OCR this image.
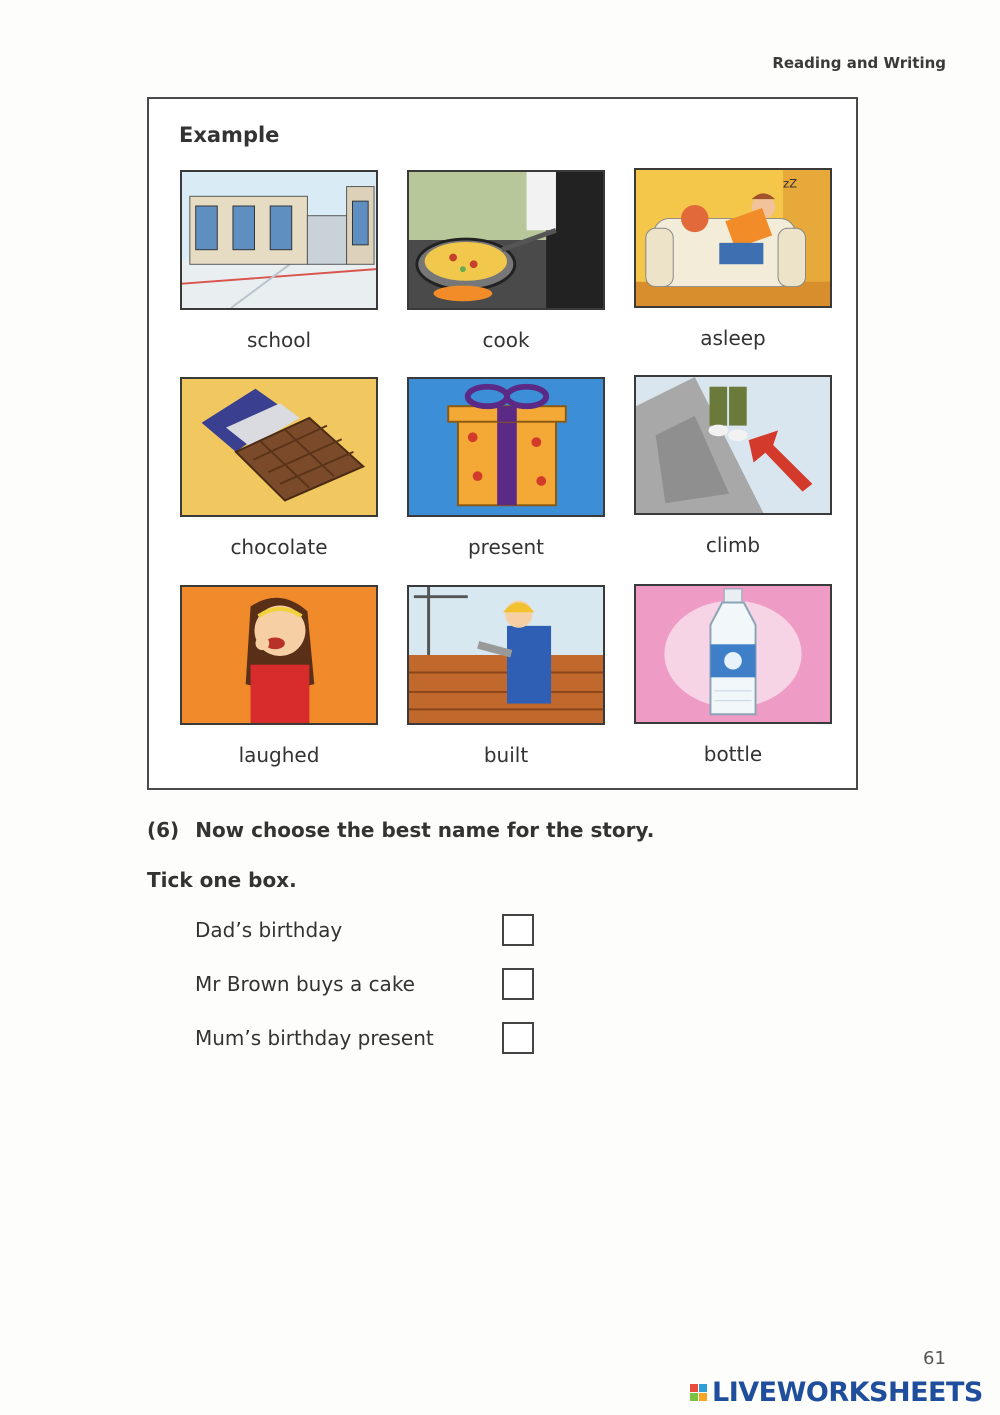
Reading and Writing
Example
school	cook
zZ
asleep
chocolate	present	climb
laughed	built	bottle
(6) Now choose the best name for the story.
Tick one box.
Dad’s birthday
Mr Brown buys a cake
Mum’s birthday present
61
LIVEWORKSHEETS
